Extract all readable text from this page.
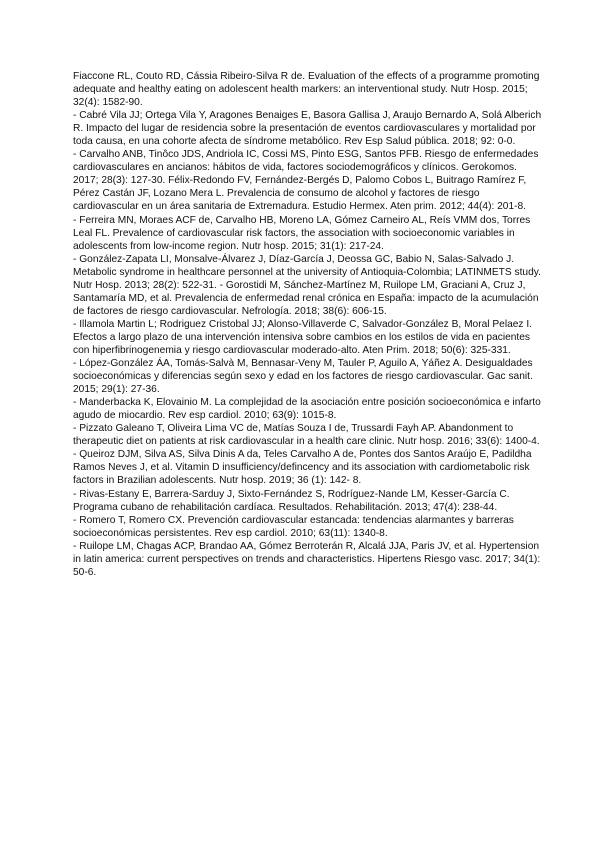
Fiaccone RL, Couto RD, Cássia Ribeiro-Silva R de. Evaluation of the effects of a programme promoting adequate and healthy eating on adolescent health markers: an interventional study. Nutr Hosp. 2015; 32(4): 1582-90.
- Cabré Vila JJ; Ortega Vila Y, Aragones Benaiges E, Basora Gallisa J, Araujo Bernardo A, Solá Alberich R. Impacto del lugar de residencia sobre la presentación de eventos cardiovasculares y mortalidad por toda causa, en una cohorte afecta de síndrome metabólico. Rev Esp Salud pública. 2018; 92: 0-0.
- Carvalho ANB, Tinôco JDS, Andriola IC, Cossi MS, Pinto ESG, Santos PFB. Riesgo de enfermedades cardiovasculares en ancianos: hábitos de vida, factores sociodemográficos y clínicos. Gerokomos. 2017; 28(3): 127-30. Félix-Redondo FV, Fernández-Bergés D, Palomo Cobos L, Buitrago Ramírez F, Pérez Castán JF, Lozano Mera L. Prevalencia de consumo de alcohol y factores de riesgo cardiovascular en un área sanitaria de Extremadura. Estudio Hermex. Aten prim. 2012; 44(4): 201-8.
- Ferreira MN, Moraes ACF de, Carvalho HB, Moreno LA, Gómez Carneiro AL, Reís VMM dos, Torres Leal FL. Prevalence of cardiovascular risk factors, the association with socioeconomic variables in adolescents from low-income region. Nutr hosp. 2015; 31(1): 217-24.
- González-Zapata LI, Monsalve-Álvarez J, Díaz-García J, Deossa GC, Babio N, Salas-Salvado J. Metabolic syndrome in healthcare personnel at the university of Antioquia-Colombia; LATINMETS study. Nutr Hosp. 2013; 28(2): 522-31. - Gorostidi M, Sánchez-Martínez M, Ruilope LM, Graciani A, Cruz J, Santamaría MD, et al. Prevalencia de enfermedad renal crónica en España: impacto de la acumulación de factores de riesgo cardiovascular. Nefrología. 2018; 38(6): 606-15.
- Illamola Martin L; Rodriguez Cristobal JJ; Alonso-Villaverde C, Salvador-González B, Moral Pelaez I. Efectos a largo plazo de una intervención intensiva sobre cambios en los estilos de vida en pacientes con hiperfibrinogenemia y riesgo cardiovascular moderado-alto. Aten Prim. 2018; 50(6): 325-331.
- López-González ÁA, Tomás-Salvà M, Bennasar-Veny M, Tauler P, Aguilo A, Yáñez A. Desigualdades socioeconómicas y diferencias según sexo y edad en los factores de riesgo cardiovascular. Gac sanit. 2015; 29(1): 27-36.
- Manderbacka K, Elovainio M. La complejidad de la asociación entre posición socioeconómica e infarto agudo de miocardio. Rev esp cardiol. 2010; 63(9): 1015-8.
- Pizzato Galeano T, Oliveira Lima VC de, Matías Souza I de, Trussardi Fayh AP. Abandonment to therapeutic diet on patients at risk cardiovascular in a health care clinic. Nutr hosp. 2016; 33(6): 1400-4.
- Queiroz DJM, Silva AS, Silva Dinis A da, Teles Carvalho A de, Pontes dos Santos Araújo E, Padildha Ramos Neves J, et al. Vitamin D insufficiency/defincency and its association with cardiometabolic risk factors in Brazilian adolescents. Nutr hosp. 2019; 36 (1): 142- 8.
- Rivas-Estany E, Barrera-Sarduy J, Sixto-Fernández S, Rodríguez-Nande LM, Kesser-García C. Programa cubano de rehabilitación cardíaca. Resultados. Rehabilitación. 2013; 47(4): 238-44.
- Romero T, Romero CX. Prevención cardiovascular estancada: tendencias alarmantes y barreras socioeconómicas persistentes. Rev esp cardiol. 2010; 63(11): 1340-8.
- Ruilope LM, Chagas ACP, Brandao AA, Gómez Berroterán R, Alcalá JJA, Paris JV, et al. Hypertension in latin america: current perspectives on trends and characteristics. Hipertens Riesgo vasc. 2017; 34(1): 50-6.
